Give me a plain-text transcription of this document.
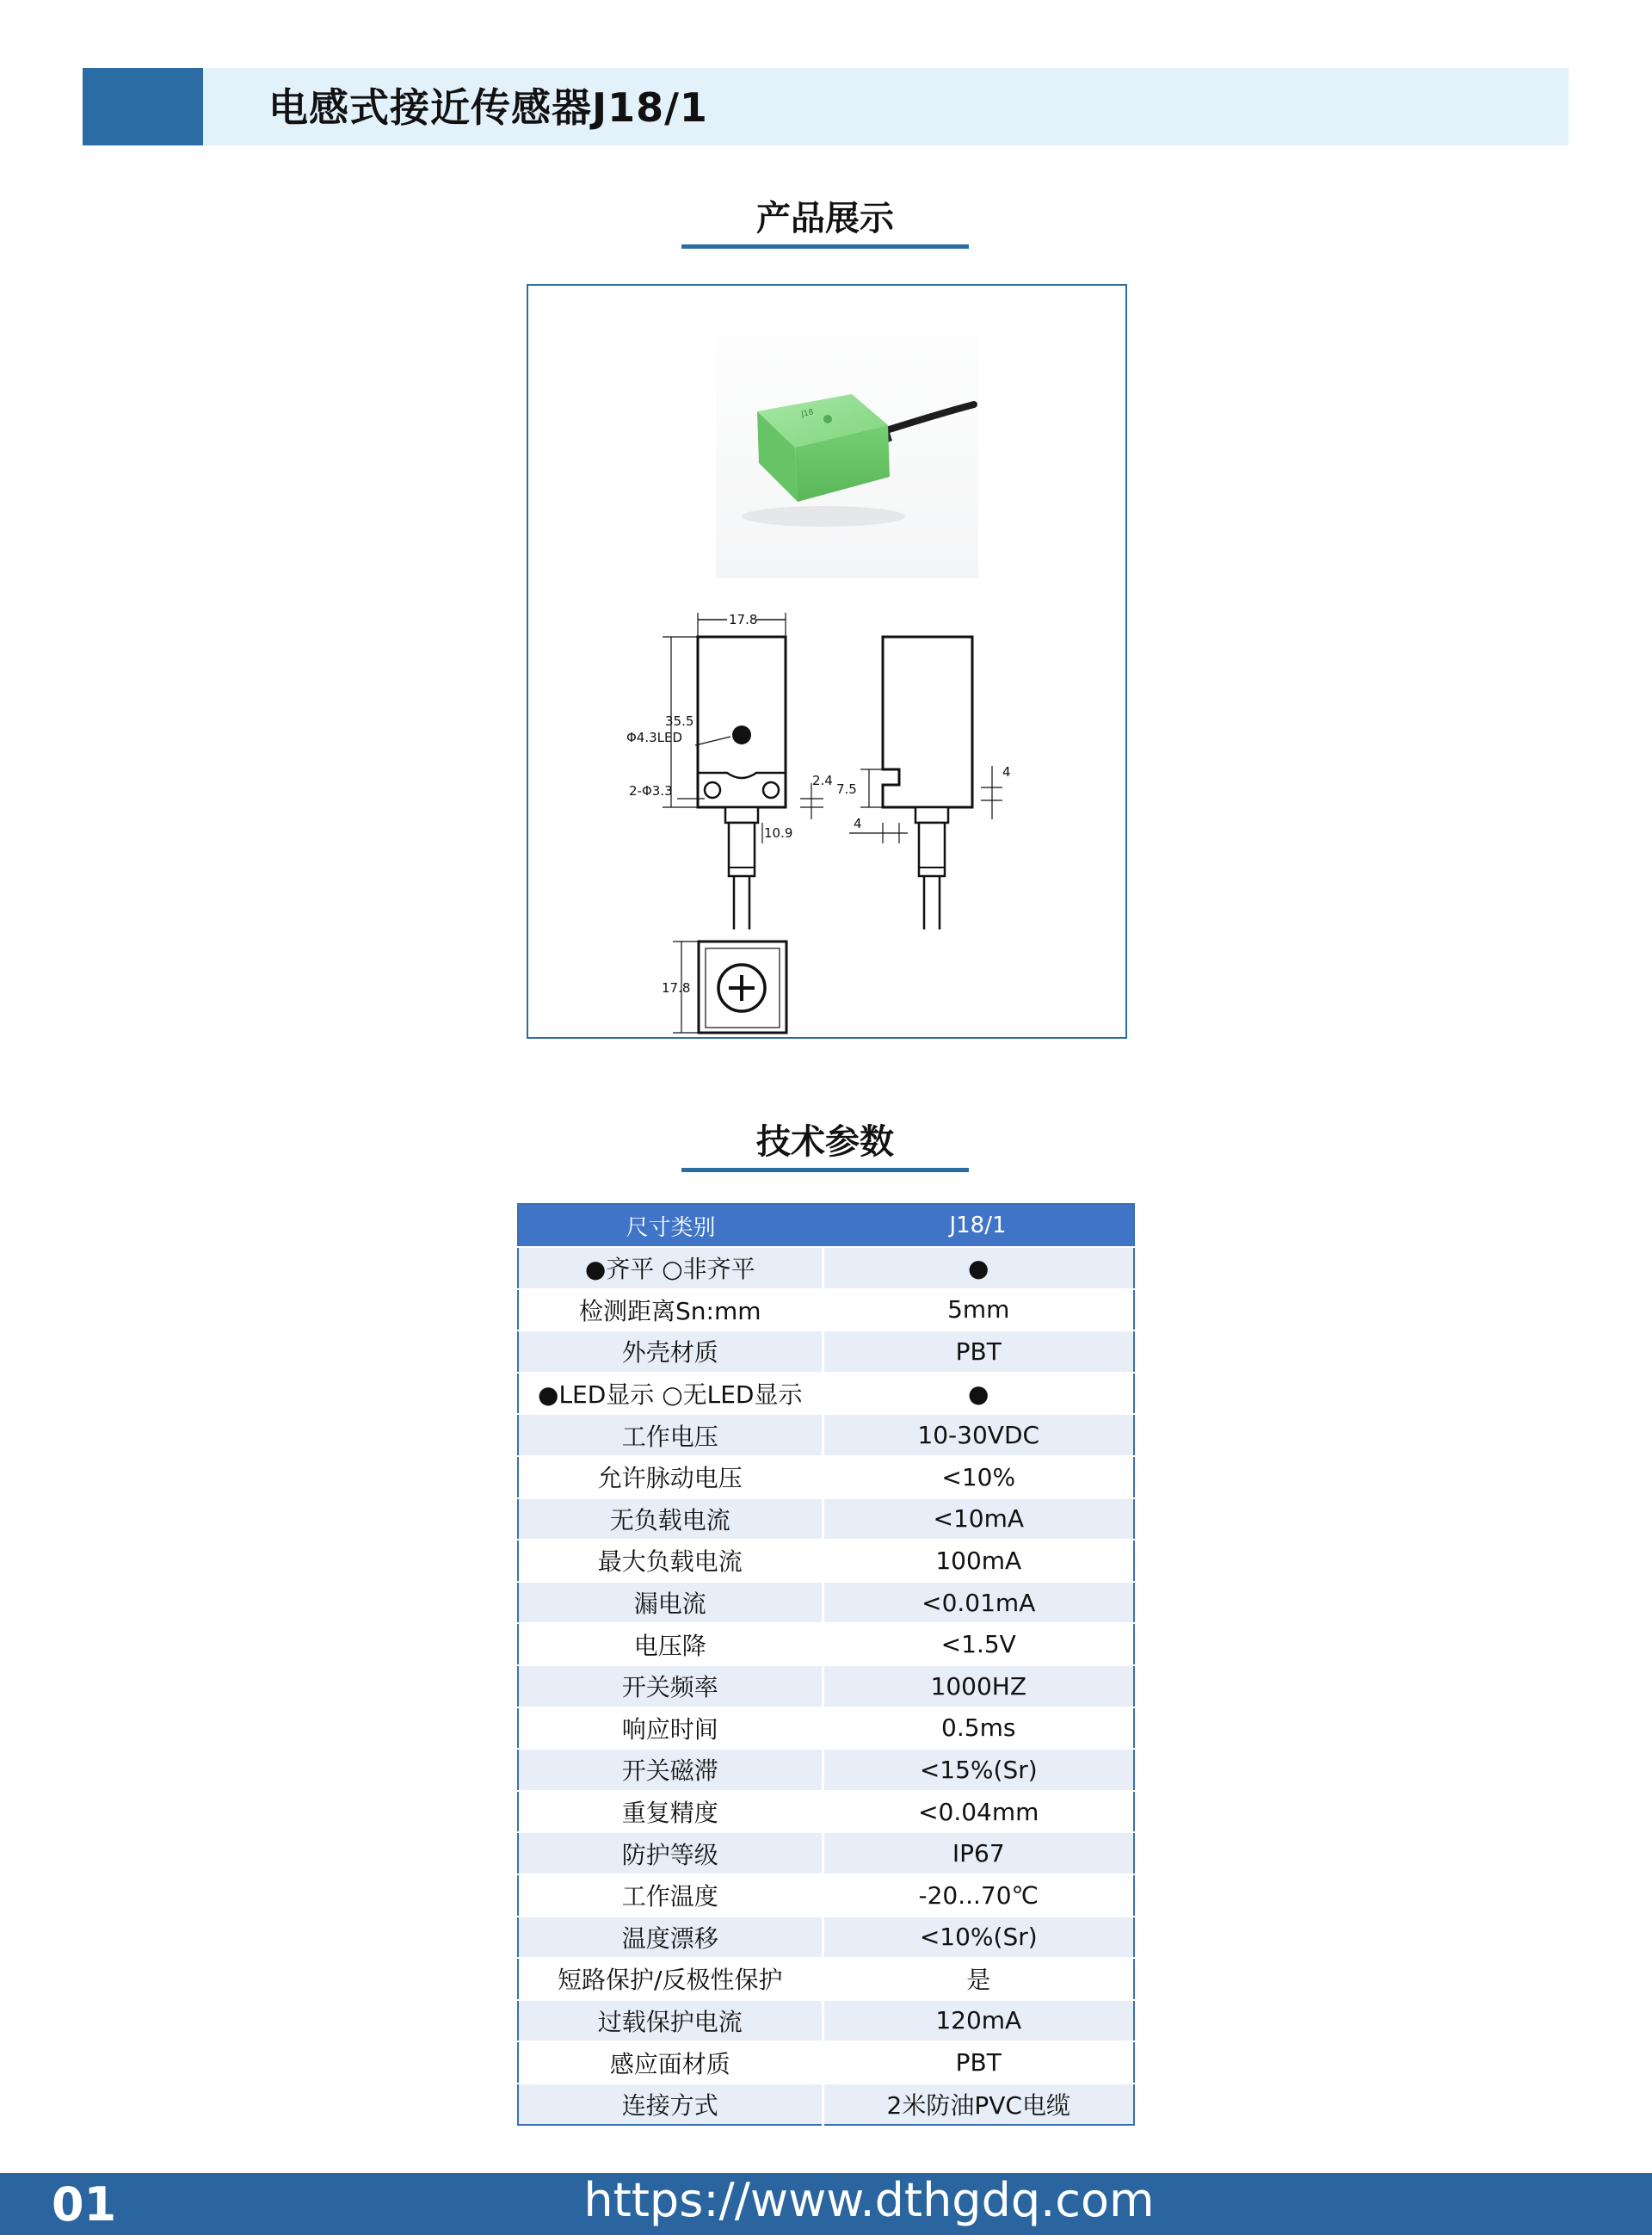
电感式接近传感器J18/1
产品展示
J18
17.8
35.5
Φ4.3LED
2-Φ3.3
2.4
10.9
7.5
4
4
17.8
技术参数
尺寸类别	J18/1
●齐平 ○非齐平	●
检测距离Sn:mm	5mm
外壳材质	PBT
●LED显示 ○无LED显示	●
工作电压	10-30VDC
允许脉动电压	<10%
无负载电流	<10mA
最大负载电流	100mA
漏电流	<0.01mA
电压降	<1.5V
开关频率	1000HZ
响应时间	0.5ms
开关磁滞	<15%(Sr)
重复精度	<0.04mm
防护等级	IP67
工作温度	-20...70℃
温度漂移	<10%(Sr)
短路保护/反极性保护	是
过载保护电流	120mA
感应面材质	PBT
连接方式	2米防油PVC电缆
01	https://www.dthgdq.com
